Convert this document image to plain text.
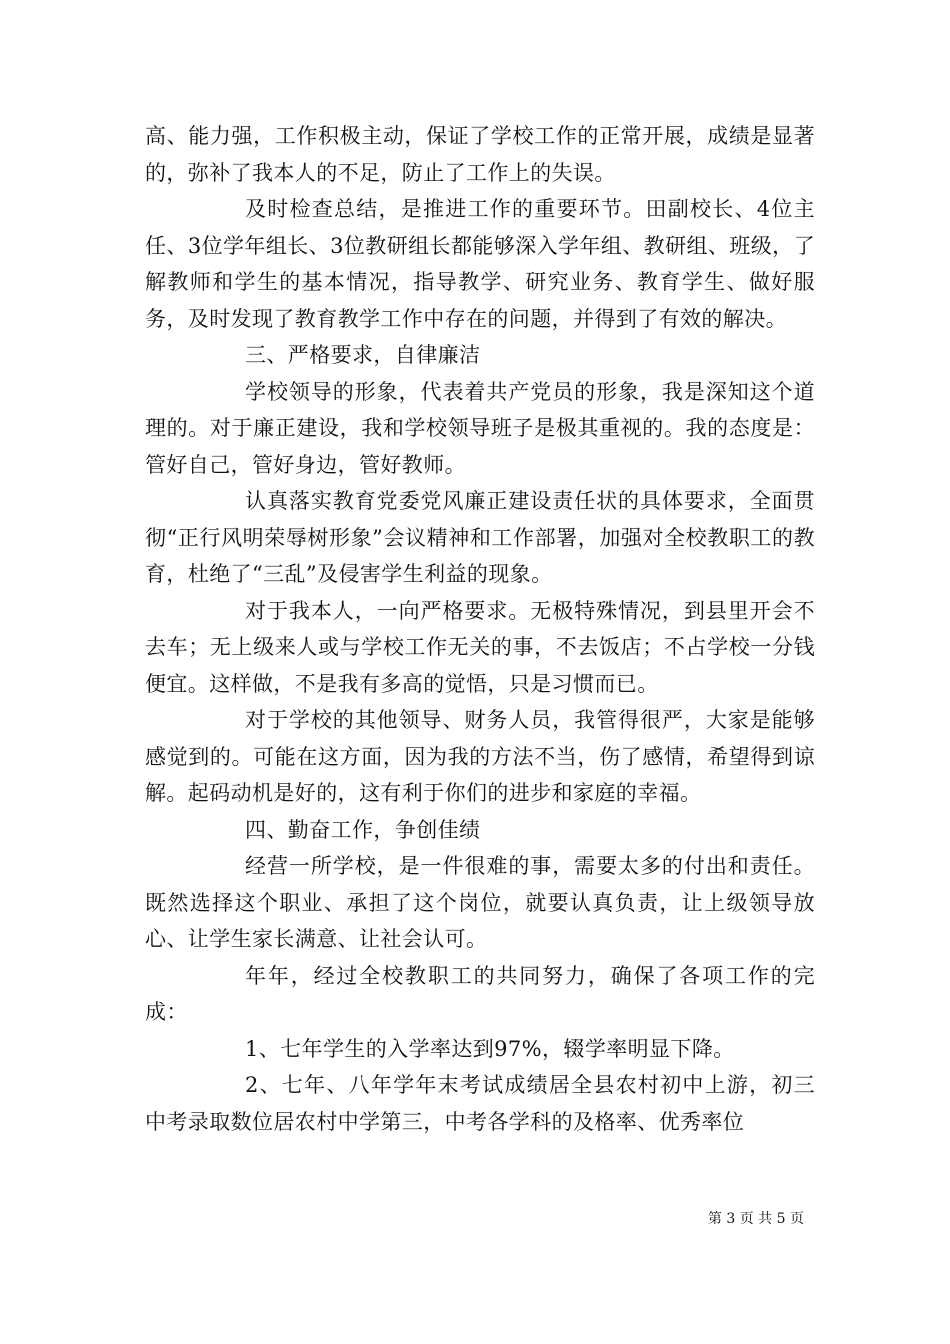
高、能力强，工作积极主动，保证了学校工作的正常开展，成绩是显著的，弥补了我本人的不足，防止了工作上的失误。

及时检查总结，是推进工作的重要环节。田副校长、4位主任、3位学年组长、3位教研组长都能够深入学年组、教研组、班级，了解教师和学生的基本情况，指导教学、研究业务、教育学生、做好服务，及时发现了教育教学工作中存在的问题，并得到了有效的解决。

三、严格要求，自律廉洁

学校领导的形象，代表着共产党员的形象，我是深知这个道理的。对于廉正建设，我和学校领导班子是极其重视的。我的态度是：管好自己，管好身边，管好教师。

认真落实教育党委党风廉正建设责任状的具体要求，全面贯彻“正行风明荣辱树形象”会议精神和工作部署，加强对全校教职工的教育，杜绝了“三乱”及侵害学生利益的现象。

对于我本人，一向严格要求。无极特殊情况，到县里开会不去车；无上级来人或与学校工作无关的事，不去饭店；不占学校一分钱便宜。这样做，不是我有多高的觉悟，只是习惯而已。

对于学校的其他领导、财务人员，我管得很严，大家是能够感觉到的。可能在这方面，因为我的方法不当，伤了感情，希望得到谅解。起码动机是好的，这有利于你们的进步和家庭的幸福。

四、勤奋工作，争创佳绩

经营一所学校，是一件很难的事，需要太多的付出和责任。既然选择这个职业、承担了这个岗位，就要认真负责，让上级领导放心、让学生家长满意、让社会认可。

年年，经过全校教职工的共同努力，确保了各项工作的完成：

1、七年学生的入学率达到97%，辍学率明显下降。

2、七年、八年学年末考试成绩居全县农村初中上游，初三中考录取数位居农村中学第三，中考各学科的及格率、优秀率位

第 3 页 共 5 页
